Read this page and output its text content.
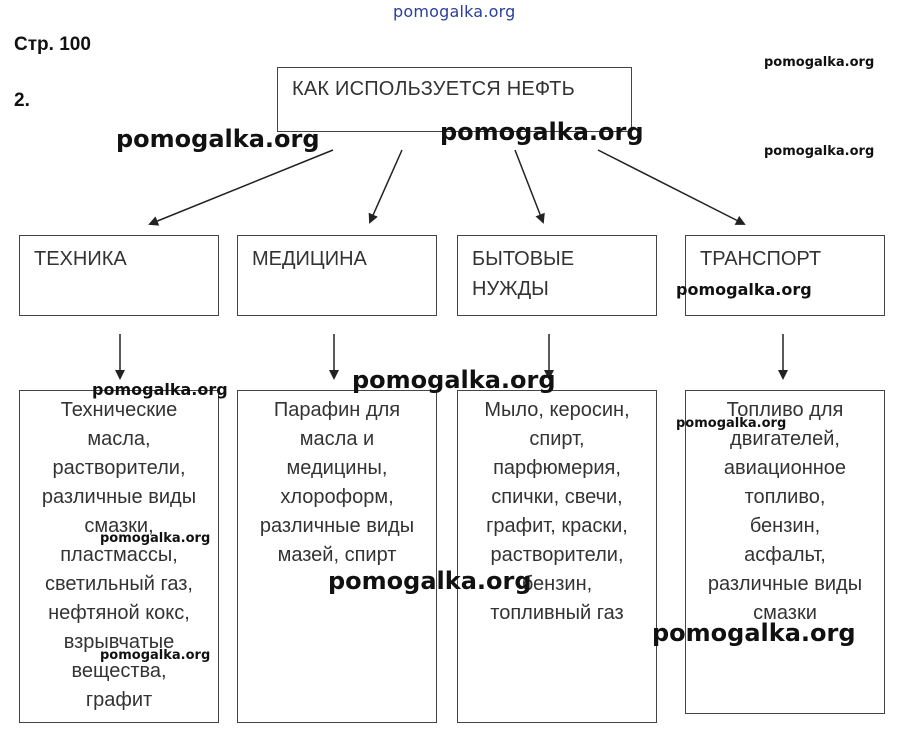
pomogalka.org
Стр. 100
2.
КАК ИСПОЛЬЗУЕТСЯ НЕФТЬ
ТЕХНИКА	МЕДИЦИНА	БЫТОВЫЕ
НУЖДЫ
ТРАНСПОРТ
Технические
масла,
растворители,
различные виды
смазки,
пластмассы,
светильный газ,
нефтяной кокс,
взрывчатые
вещества,
графит
Парафин для
масла и
медицины,
хлороформ,
различные виды
мазей, спирт
Мыло, керосин,
спирт,
парфюмерия,
спички, свечи,
графит, краски,
растворители,
бензин,
топливный газ
Топливо для
двигателей,
авиационное
топливо,
бензин,
асфальт,
различные виды
смазки
pomogalka.org
pomogalka.org
pomogalka.org	pomogalka.org
pomogalka.org
pomogalka.org	pomogalka.org
pomogalka.org
pomogalka.org
pomogalka.org
pomogalka.org
pomogalka.org
